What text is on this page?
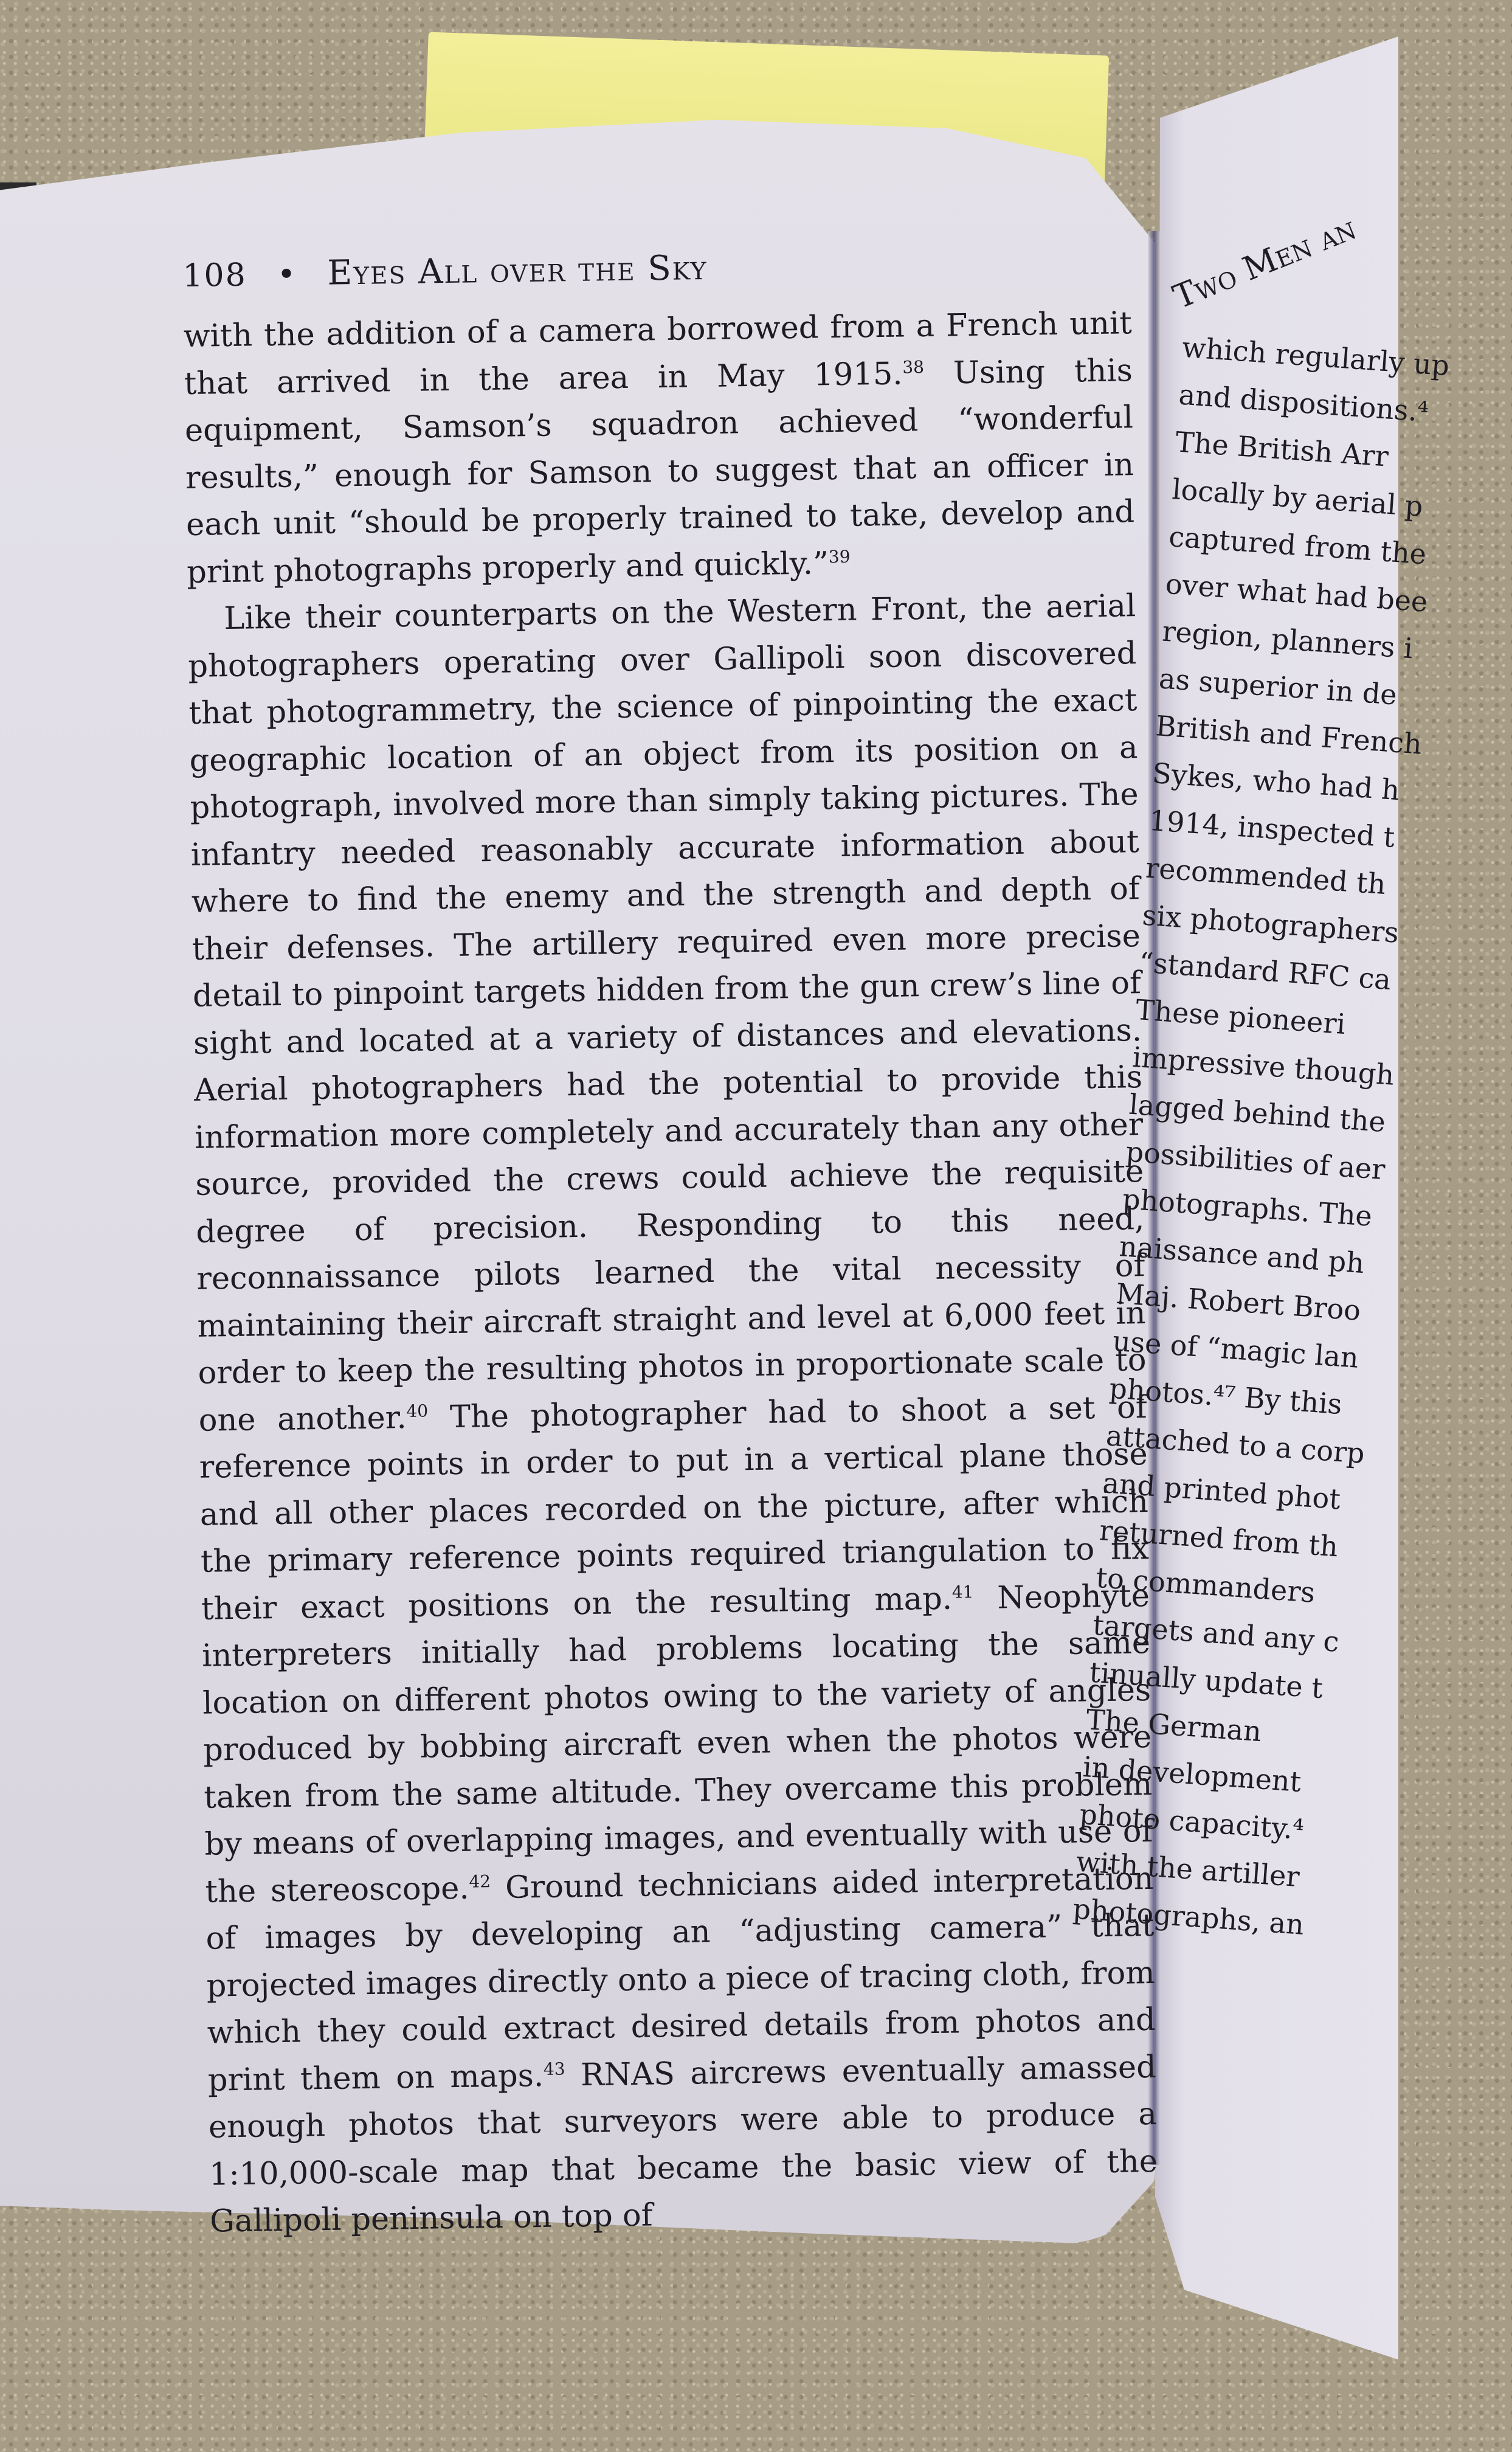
108 • Eyes All over the Sky

with the addition of a camera borrowed from a French unit that arrived in the area in May 1915.38 Using this equipment, Samson’s squadron achieved “wonderful results,” enough for Samson to suggest that an officer in each unit “should be properly trained to take, develop and print photographs properly and quickly.”$^{39}$

Like their counterparts on the Western Front, the aerial photographers operating over Gallipoli soon discovered that photogrammetry, the science of pinpointing the exact geographic location of an object from its position on a photograph, involved more than simply taking pictures. The infantry needed reasonably accurate information about where to find the enemy and the strength and depth of their defenses. The artillery required even more precise detail to pinpoint targets hidden from the gun crew’s line of sight and located at a variety of distances and elevations. Aerial photographers had the potential to provide this information more completely and accurately than any other source, provided the crews could achieve the requisite degree of precision. Responding to this need, reconnaissance pilots learned the vital necessity of maintaining their aircraft straight and level at 6,000 feet in order to keep the resulting photos in proportionate scale to one another.$^{40}$ The photographer had to shoot a set of reference points in order to put in a vertical plane those and all other places recorded on the picture, after which the primary reference points required triangulation to fix their exact positions on the resulting map.$^{41}$ Neophyte interpreters initially had problems locating the same location on different photos owing to the variety of angles produced by bobbing aircraft even when the photos were taken from the same altitude. They overcame this problem by means of overlapping images, and eventually with use of the stereoscope.$^{42}$ Ground technicians aided interpretation of images by developing an “adjusting camera” that projected images directly onto a piece of tracing cloth, from which they could extract desired details from photos and print them on maps.$^{43}$ RNAS aircrews eventually amassed enough photos that surveyors were able to produce a 1:10,000-scale map that became the basic view of the Gallipoli peninsula on top of

Two Men an
which regularly up
and dispositions.⁴
The British Arr
locally by aerial p
captured from the
over what had bee
region, planners i
as superior in de
British and French
Sykes, who had h
1914, inspected t
recommended th
six photographers
“standard RFC ca
These pioneeri
impressive though
lagged behind the
possibilities of aer
photographs. The
naissance and ph
Maj. Robert Broo
use of “magic lan
photos.⁴⁷ By this
attached to a corp
and printed phot
returned from th
to commanders
targets and any c
tinually update t
The German
in development
photo capacity.⁴
with the artiller
photographs, an
